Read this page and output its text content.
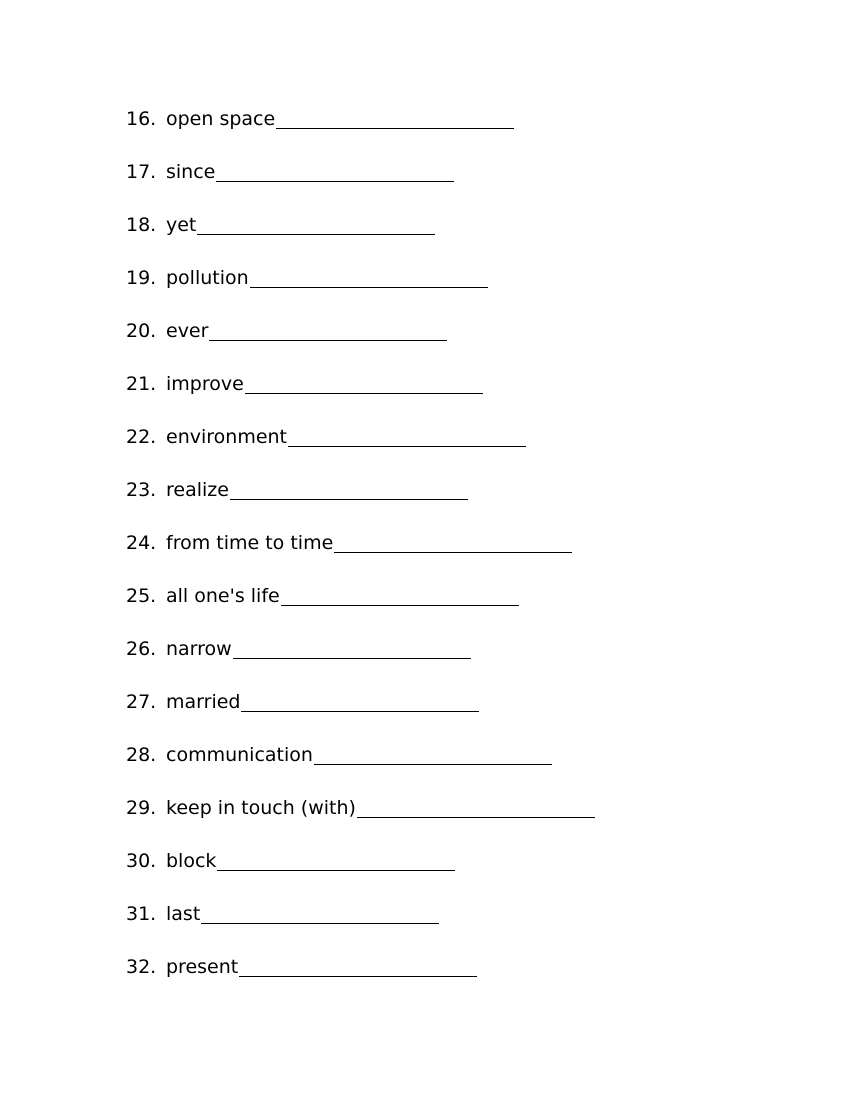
16. open space
17. since
18. yet
19. pollution
20. ever
21. improve
22. environment
23. realize
24. from time to time
25. all one's life
26. narrow
27. married
28. communication
29. keep in touch (with)
30. block
31. last
32. present
